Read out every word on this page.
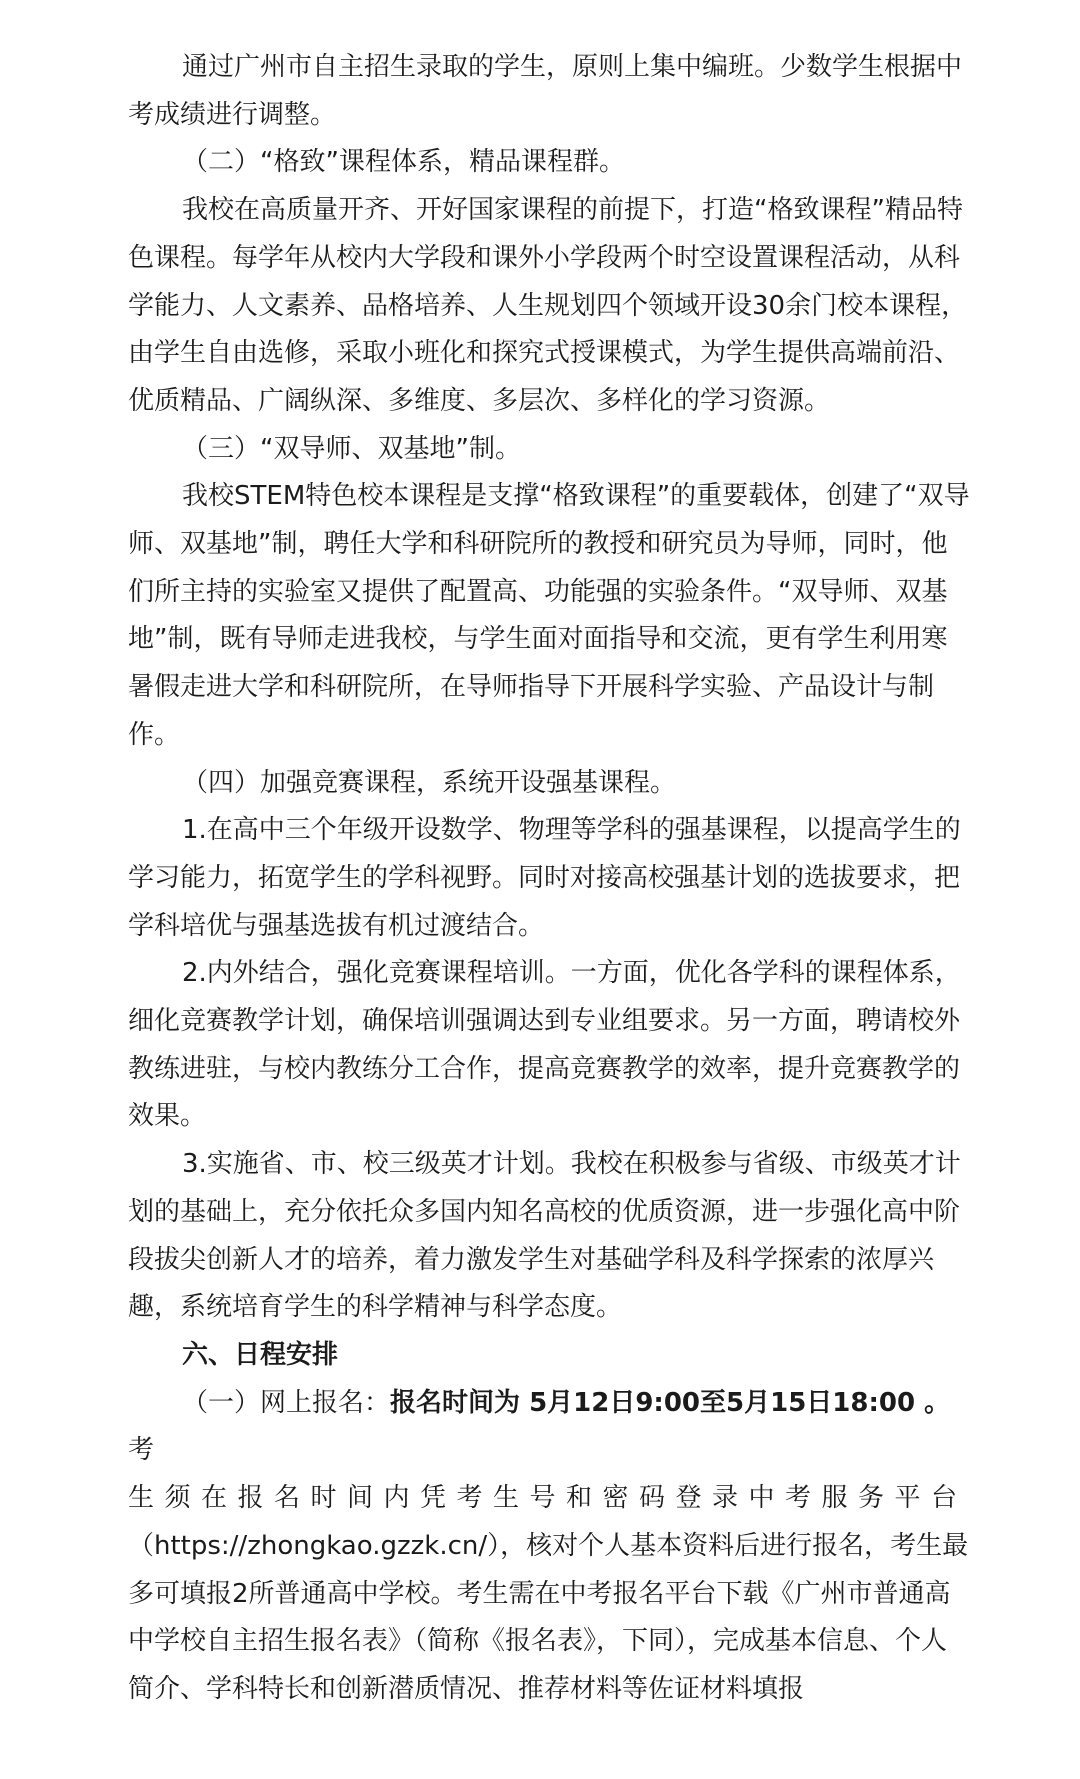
通过广州市自主招生录取的学生，原则上集中编班。少数学生根据中考成绩进行调整。

（二）“格致”课程体系，精品课程群。

我校在高质量开齐、开好国家课程的前提下，打造“格致课程”精品特色课程。每学年从校内大学段和课外小学段两个时空设置课程活动，从科学能力、人文素养、品格培养、人生规划四个领域开设30余门校本课程，由学生自由选修，采取小班化和探究式授课模式，为学生提供高端前沿、优质精品、广阔纵深、多维度、多层次、多样化的学习资源。

（三）“双导师、双基地”制。

我校STEM特色校本课程是支撑“格致课程”的重要载体，创建了“双导师、双基地”制，聘任大学和科研院所的教授和研究员为导师，同时，他们所主持的实验室又提供了配置高、功能强的实验条件。“双导师、双基地”制，既有导师走进我校，与学生面对面指导和交流，更有学生利用寒暑假走进大学和科研院所，在导师指导下开展科学实验、产品设计与制作。

（四）加强竞赛课程，系统开设强基课程。

1.在高中三个年级开设数学、物理等学科的强基课程，以提高学生的学习能力，拓宽学生的学科视野。同时对接高校强基计划的选拔要求，把学科培优与强基选拔有机过渡结合。

2.内外结合，强化竞赛课程培训。一方面，优化各学科的课程体系，细化竞赛教学计划，确保培训强调达到专业组要求。另一方面，聘请校外教练进驻，与校内教练分工合作，提高竞赛教学的效率，提升竞赛教学的效果。

3.实施省、市、校三级英才计划。我校在积极参与省级、市级英才计划的基础上，充分依托众多国内知名高校的优质资源，进一步强化高中阶段拔尖创新人才的培养，着力激发学生对基础学科及科学探索的浓厚兴趣，系统培育学生的科学精神与科学态度。

六、日程安排

（一）网上报名：报名时间为 5月12日9:00至5月15日18:00 。考
生须在报名时间内凭考生号和密码登录中考服务平台
（https://zhongkao.gzzk.cn/），核对个人基本资料后进行报名，考生最多可填报2所普通高中学校。考生需在中考报名平台下载《广州市普通高中学校自主招生报名表》（简称《报名表》，下同），完成基本信息、个人简介、学科特长和创新潜质情况、推荐材料等佐证材料填报
